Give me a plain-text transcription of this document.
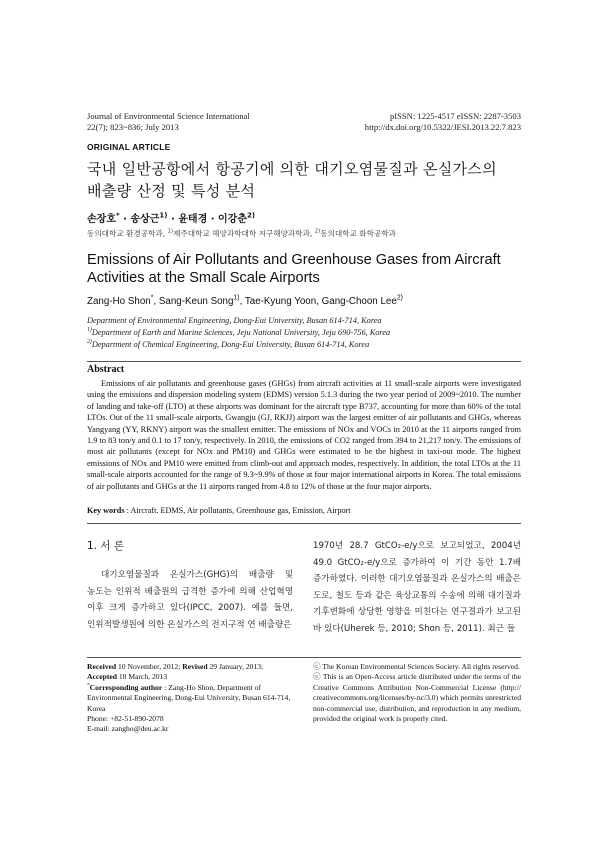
Journal of Environmental Science International
22(7); 823~836; July 2013
pISSN: 1225-4517 eISSN: 2287-3503
http://dx.doi.org/10.5322/JESI.2013.22.7.823
ORIGINAL ARTICLE
국내 일반공항에서 항공기에 의한 대기오염물질과 온실가스의
배출량 산정 및 특성 분석
손장호* · 송상근$^{1)}$ · 윤태경 · 이강춘$^{2)}$
동의대학교 환경공학과, $^{1)}$제주대학교 해양과학대학 지구해양과학과, $^{2)}$동의대학교 화학공학과
Emissions of Air Pollutants and Greenhouse Gases from Aircraft
Activities at the Small Scale Airports
Zang-Ho Shon*, Sang-Keun Song$^{1)}$, Tae-Kyung Yoon, Gang-Choon Lee$^{2)}$
Department of Environmental Engineering, Dong-Eui University, Busan 614-714, Korea
$^{1)}$Department of Earth and Marine Sciences, Jeju National University, Jeju 690-756, Korea
$^{2)}$Department of Chemical Engineering, Dong-Eui University, Busan 614-714, Korea
Abstract
Emissions of air pollutants and greenhouse gases (GHGs) from aircraft activities at 11 small-scale airports were investigated using the emissions and dispersion modeling system (EDMS) version 5.1.3 during the two year period of 2009~2010. The number of landing and take-off (LTO) at these airports was dominant for the aircraft type B737, accounting for more than 60% of the total LTOs. Out of the 11 small-scale airports, Gwangju (GJ, RKJJ) airport was the largest emitter of air pollutants and GHGs, whereas Yangyang (YY, RKNY) airport was the smallest emitter. The emissions of NOx and VOCs in 2010 at the 11 airports ranged from 1.9 to 83 ton/y and 0.1 to 17 ton/y, respectively. In 2010, the emissions of CO2 ranged from 394 to 21,217 ton/y. The emissions of most air pollutants (except for NOx and PM10) and GHGs were estimated to be the highest in taxi-out mode. The highest emissions of NOx and PM10 were emitted from climb-out and approach modes, respectively. In addition, the total LTOs at the 11 small-scale airports accounted for the range of 9.3~9.9% of those at four major international airports in Korea. The total emissions of air pollutants and GHGs at the 11 airports ranged from 4.8 to 12% of those at the four major airports.
Key words : Aircraft. EDMS, Air pollutants, Greenhouse gas, Emission, Airport
1. 서 론
대기오염물질과 온실가스(GHG)의 배출량 및 농도는 인위적 배출원의 급격한 증가에 의해 산업혁명 이후 크게 증가하고 있다(IPCC, 2007). 예를 들면, 인위적발생원에 의한 온실가스의 전지구적 연 배출량은
1970년 28.7 GtCO₂-e/y으로 보고되었고, 2004년 49.0 GtCO₂-e/y으로 증가하여 이 기간 동안 1.7배 증가하였다. 이러한 대기오염물질과 온실가스의 배출은 도로, 철도 등과 같은 육상교통의 수송에 의해 대기질과 기후변화에 상당한 영향을 미친다는 연구결과가 보고된 바 있다(Uherek 등, 2010; Shon 등, 2011). 최근 들
Received 10 November, 2012; Revised 29 January, 2013;
Accepted 18 March, 2013
*Corresponding author : Zang-Ho Shon, Department of Environmental Engineering, Dong-Eui University, Busan 614-714, Korea
Phone: +82-51-890-2078
E-mail: zangho@deu.ac.kr
ⓒ The Korean Environmental Sciences Society. All rights reserved.
ⓒ This is an Open-Access article distributed under the terms of the Creative Commons Attribution Non-Commercial License (http:// creativecommons.org/licenses/by-nc/3.0) which permits unrestricted non-commercial use, distribution, and reproduction in any medium, provided the original work is properly cited.
